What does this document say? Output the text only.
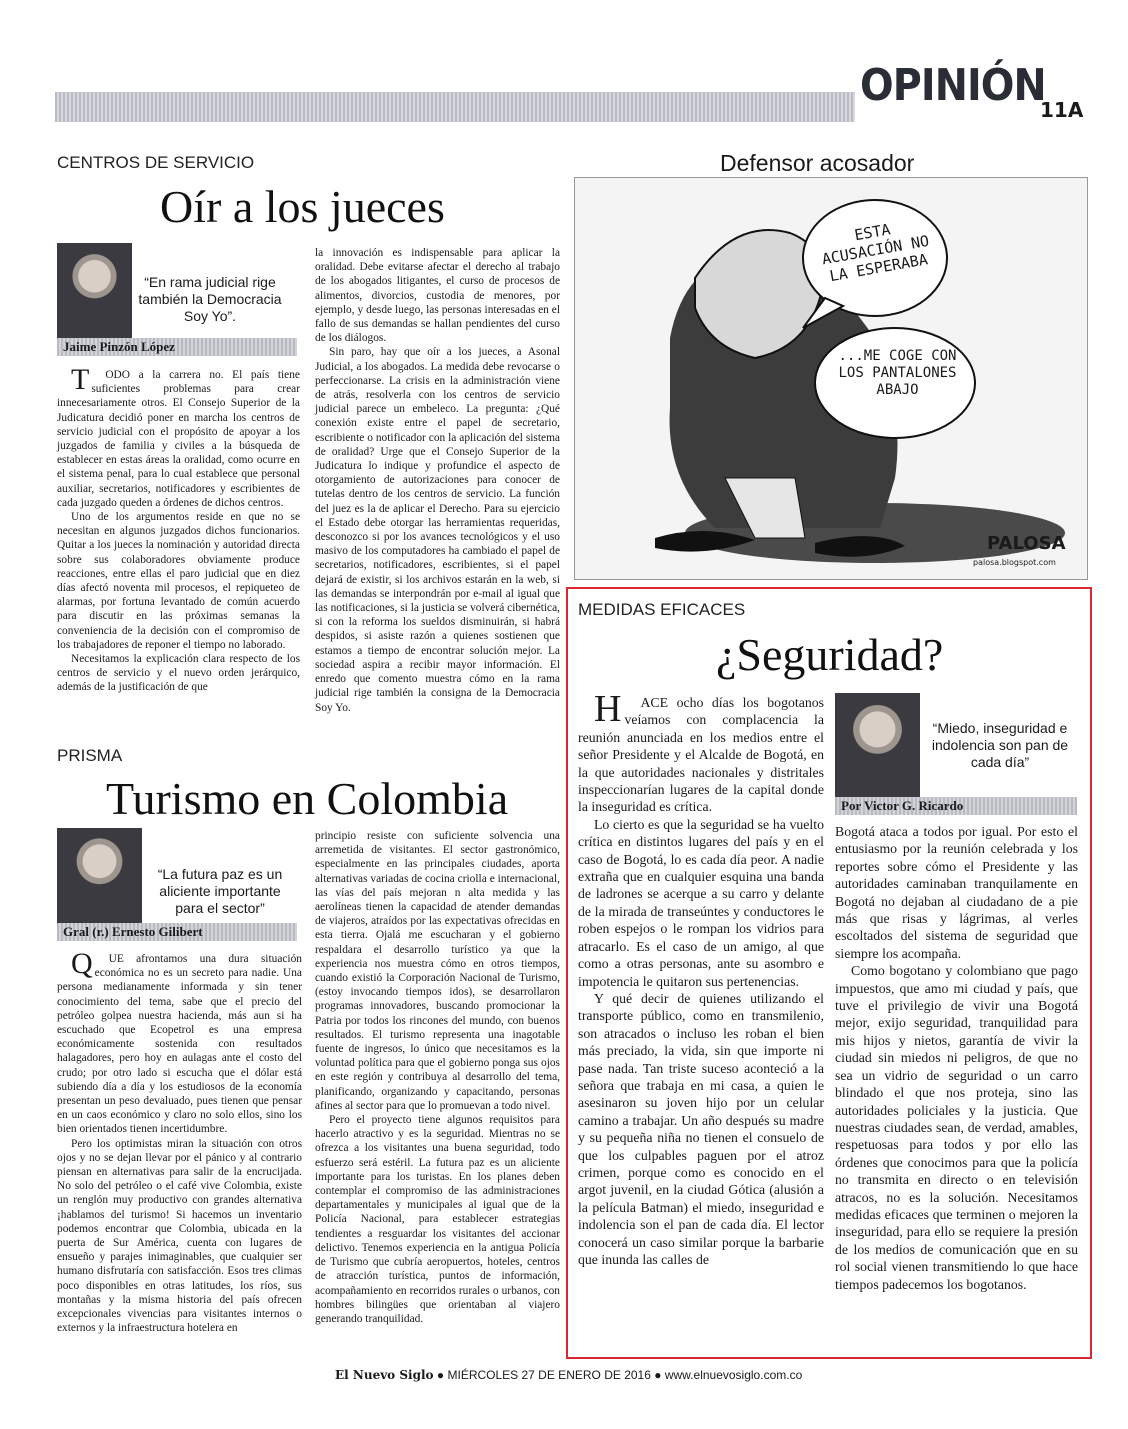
OPINIÓN
11A
CENTROS DE SERVICIO
Oír a los jueces
“En rama judicial rige también la Democracia Soy Yo”.
Jaime Pinzón López

TODO a la carrera no. El país tiene suficientes problemas para crear innecesariamente otros. El Consejo Superior de la Judicatura decidió poner en marcha los centros de servicio judicial con el propósito de apoyar a los juzgados de familia y civiles a la búsqueda de establecer en estas áreas la oralidad, como ocurre en el sistema penal, para lo cual establece que personal auxiliar, secretarios, notificadores y escribientes de cada juzgado queden a órdenes de dichos centros.

Uno de los argumentos reside en que no se necesitan en algunos juzgados dichos funcionarios. Quitar a los jueces la nominación y autoridad directa sobre sus colaboradores obviamente produce reacciones, entre ellas el paro judicial que en diez días afectó noventa mil procesos, el repiqueteo de alarmas, por fortuna levantado de común acuerdo para discutir en las próximas semanas la conveniencia de la decisión con el compromiso de los trabajadores de reponer el tiempo no laborado.

Necesitamos la explicación clara respecto de los centros de servicio y el nuevo orden jerárquico, además de la justificación de que

la innovación es indispensable para aplicar la oralidad. Debe evitarse afectar el derecho al trabajo de los abogados litigantes, el curso de procesos de alimentos, divorcios, custodia de menores, por ejemplo, y desde luego, las personas interesadas en el fallo de sus demandas se hallan pendientes del curso de los diálogos.

Sin paro, hay que oír a los jueces, a Asonal Judicial, a los abogados. La medida debe revocarse o perfeccionarse. La crisis en la administración viene de atrás, resolverla con los centros de servicio judicial parece un embeleco. La pregunta: ¿Qué conexión existe entre el papel de secretario, escribiente o notificador con la aplicación del sistema de oralidad? Urge que el Consejo Superior de la Judicatura lo indique y profundice el aspecto de otorgamiento de autorizaciones para conocer de tutelas dentro de los centros de servicio. La función del juez es la de aplicar el Derecho. Para su ejercicio el Estado debe otorgar las herramientas requeridas, desconozco si por los avances tecnológicos y el uso masivo de los computadores ha cambiado el papel de secretarios, notificadores, escribientes, si el papel dejará de existir, si los archivos estarán en la web, si las demandas se interpondrán por e-mail al igual que las notificaciones, si la justicia se volverá cibernética, si con la reforma los sueldos disminuirán, si habrá despidos, si asiste razón a quienes sostienen que estamos a tiempo de encontrar solución mejor. La sociedad aspira a recibir mayor información. El enredo que comento muestra cómo en la rama judicial rige también la consigna de la Democracia Soy Yo.

Defensor acosador
ESTA ACUSACIÓN NO LA ESPERABA
...ME COGE CON LOS PANTALONES ABAJO
PALOSA
palosa.blogspot.com
PRISMA
Turismo en Colombia
“La futura paz es un aliciente importante para el sector”
Gral (r.) Ernesto Gilibert

QUE afrontamos una dura situación económica no es un secreto para nadie. Una persona medianamente informada y sin tener conocimiento del tema, sabe que el precio del petróleo golpea nuestra hacienda, más aun si ha escuchado que Ecopetrol es una empresa económicamente sostenida con resultados halagadores, pero hoy en aulagas ante el costo del crudo; por otro lado si escucha que el dólar está subiendo día a día y los estudiosos de la economía presentan un peso devaluado, pues tienen que pensar en un caos económico y claro no solo ellos, sino los bien orientados tienen incertidumbre.

Pero los optimistas miran la situación con otros ojos y no se dejan llevar por el pánico y al contrario piensan en alternativas para salir de la encrucijada. No solo del petróleo o el café vive Colombia, existe un renglón muy productivo con grandes alternativa ¡hablamos del turismo! Si hacemos un inventario podemos encontrar que Colombia, ubicada en la puerta de Sur América, cuenta con lugares de ensueño y parajes inimaginables, que cualquier ser humano disfrutaría con satisfacción. Esos tres climas poco disponibles en otras latitudes, los ríos, sus montañas y la misma historia del país ofrecen excepcionales vivencias para visitantes internos o externos y la infraestructura hotelera en

principio resiste con suficiente solvencia una arremetida de visitantes. El sector gastronómico, especialmente en las principales ciudades, aporta alternativas variadas de cocina criolla e internacional, las vías del país mejoran n alta medida y las aerolíneas tienen la capacidad de atender demandas de viajeros, atraídos por las expectativas ofrecidas en esta tierra. Ojalá me escucharan y el gobierno respaldara el desarrollo turístico ya que la experiencia nos muestra cómo en otros tiempos, cuando existió la Corporación Nacional de Turismo, (estoy invocando tiempos idos), se desarrollaron programas innovadores, buscando promocionar la Patria por todos los rincones del mundo, con buenos resultados. El turismo representa una inagotable fuente de ingresos, lo único que necesitamos es la voluntad política para que el gobierno ponga sus ojos en este región y contribuya al desarrollo del tema, planificando, organizando y capacitando, personas afines al sector para que lo promuevan a todo nivel.

Pero el proyecto tiene algunos requisitos para hacerlo atractivo y es la seguridad. Mientras no se ofrezca a los visitantes una buena seguridad, todo esfuerzo será estéril. La futura paz es un aliciente importante para los turistas. En los planes deben contemplar el compromiso de las administraciones departamentales y municipales al igual que de la Policía Nacional, para establecer estrategias tendientes a resguardar los visitantes del accionar delictivo. Tenemos experiencia en la antigua Policía de Turismo que cubría aeropuertos, hoteles, centros de atracción turística, puntos de información, acompañamiento en recorridos rurales o urbanos, con hombres bilingües que orientaban al viajero generando tranquilidad.

MEDIDAS EFICACES
¿Seguridad?

HACE ocho días los bogotanos veíamos con complacencia la reunión anunciada en los medios entre el señor Presidente y el Alcalde de Bogotá, en la que autoridades nacionales y distritales inspeccionarían lugares de la capital donde la inseguridad es crítica.

Lo cierto es que la seguridad se ha vuelto crítica en distintos lugares del país y en el caso de Bogotá, lo es cada día peor. A nadie extraña que en cualquier esquina una banda de ladrones se acerque a su carro y delante de la mirada de transeúntes y conductores le roben espejos o le rompan los vidrios para atracarlo. Es el caso de un amigo, al que como a otras personas, ante su asombro e impotencia le quitaron sus pertenencias.

Y qué decir de quienes utilizando el transporte público, como en transmilenio, son atracados o incluso les roban el bien más preciado, la vida, sin que importe ni pase nada. Tan triste suceso aconteció a la señora que trabaja en mi casa, a quien le asesinaron su joven hijo por un celular camino a trabajar. Un año después su madre y su pequeña niña no tienen el consuelo de que los culpables paguen por el atroz crimen, porque como es conocido en el argot juvenil, en la ciudad Gótica (alusión a la película Batman) el miedo, inseguridad e indolencia son el pan de cada día. El lector conocerá un caso similar porque la barbarie que inunda las calles de

“Miedo, inseguridad e indolencia son pan de cada día”
Por Victor G. Ricardo

Bogotá ataca a todos por igual. Por esto el entusiasmo por la reunión celebrada y los reportes sobre cómo el Presidente y las autoridades caminaban tranquilamente en Bogotá no dejaban al ciudadano de a pie más que risas y lágrimas, al verles escoltados del sistema de seguridad que siempre los acompaña.

Como bogotano y colombiano que pago impuestos, que amo mi ciudad y país, que tuve el privilegio de vivir una Bogotá mejor, exijo seguridad, tranquilidad para mis hijos y nietos, garantía de vivir la ciudad sin miedos ni peligros, de que no sea un vidrio de seguridad o un carro blindado el que nos proteja, sino las autoridades policiales y la justicia. Que nuestras ciudades sean, de verdad, amables, respetuosas para todos y por ello las órdenes que conocimos para que la policía no transmita en directo o en televisión atracos, no es la solución. Necesitamos medidas eficaces que terminen o mejoren la inseguridad, para ello se requiere la presión de los medios de comunicación que en su rol social vienen transmitiendo lo que hace tiempos padecemos los bogotanos.

El Nuevo Siglo ● MIÉRCOLES 27 DE ENERO DE 2016 ● www.elnuevosiglo.com.co
